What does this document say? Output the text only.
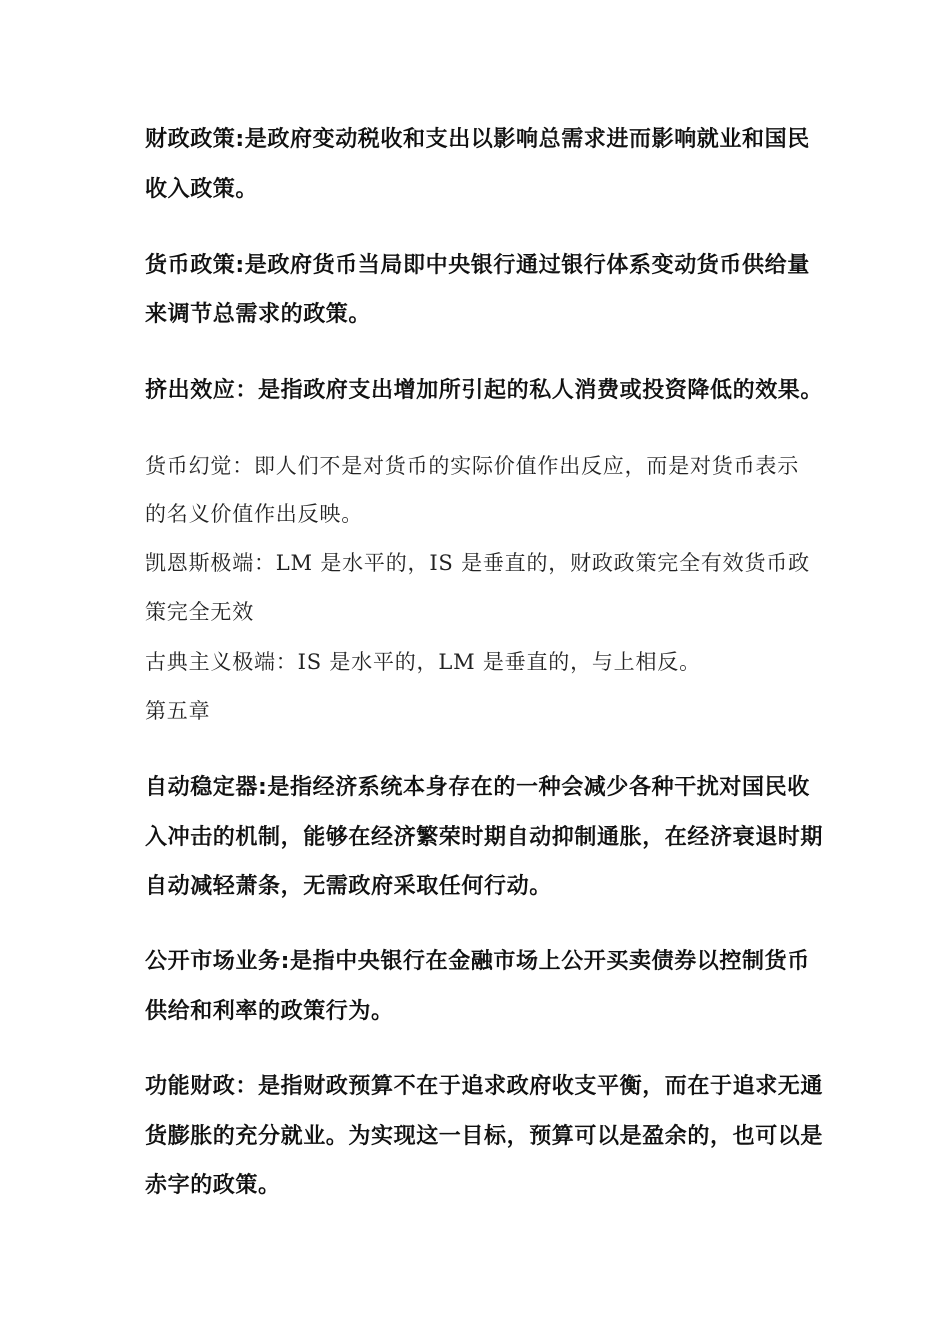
财政政策:是政府变动税收和支出以影响总需求进而影响就业和国民
收入政策。
货币政策:是政府货币当局即中央银行通过银行体系变动货币供给量
来调节总需求的政策。
挤出效应：是指政府支出增加所引起的私人消费或投资降低的效果。
货币幻觉：即人们不是对货币的实际价值作出反应，而是对货币表示
的名义价值作出反映。
凯恩斯极端：LM 是水平的，IS 是垂直的，财政政策完全有效货币政
策完全无效
古典主义极端：IS 是水平的，LM 是垂直的，与上相反。
第五章
自动稳定器:是指经济系统本身存在的一种会减少各种干扰对国民收
入冲击的机制，能够在经济繁荣时期自动抑制通胀，在经济衰退时期
自动减轻萧条，无需政府采取任何行动。
公开市场业务:是指中央银行在金融市场上公开买卖债券以控制货币
供给和利率的政策行为。
功能财政：是指财政预算不在于追求政府收支平衡，而在于追求无通
货膨胀的充分就业。为实现这一目标，预算可以是盈余的，也可以是
赤字的政策。
